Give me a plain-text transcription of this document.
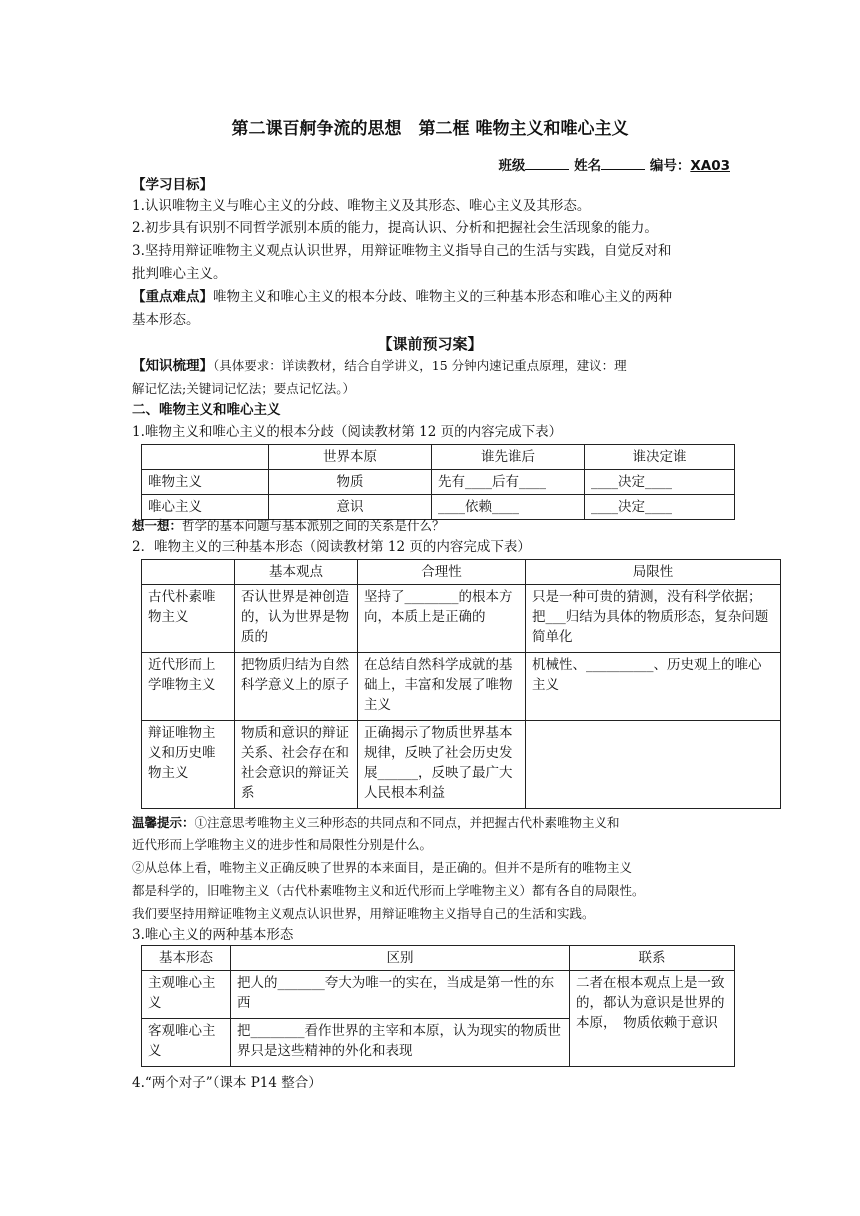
第二课百舸争流的思想　第二框 唯物主义和唯心主义
班级	姓名	编号：XA03
【学习目标】
1.认识唯物主义与唯心主义的分歧、唯物主义及其形态、唯心主义及其形态。
2.初步具有识别不同哲学派别本质的能力，提高认识、分析和把握社会生活现象的能力。
3.坚持用辩证唯物主义观点认识世界，用辩证唯物主义指导自己的生活与实践，自觉反对和
批判唯心主义。
【重点难点】唯物主义和唯心主义的根本分歧、唯物主义的三种基本形态和唯心主义的两种
基本形态。
【课前预习案】
【知识梳理】（具体要求：详读教材，结合自学讲义，15 分钟内速记重点原理，建议：理
解记忆法;关键词记忆法；要点记忆法。）
二、唯物主义和唯心主义
1.唯物主义和唯心主义的根本分歧（阅读教材第 12 页的内容完成下表）
	世界本原	谁先谁后	谁决定谁
唯物主义	物质	先有____后有____	____决定____
唯心主义	意识	____依赖____	____决定____
想一想：哲学的基本问题与基本派别之间的关系是什么？
2．唯物主义的三种基本形态（阅读教材第 12 页的内容完成下表）
	基本观点	合理性	局限性
古代朴素唯物主义	否认世界是神创造的，认为世界是物质的	坚持了________的根本方向，本质上是正确的	只是一种可贵的猜测，没有科学依据；把___归结为具体的物质形态，复杂问题简单化
近代形而上学唯物主义	把物质归结为自然科学意义上的原子	在总结自然科学成就的基础上，丰富和发展了唯物主义	机械性、__________、历史观上的唯心主义
辩证唯物主义和历史唯物主义	物质和意识的辩证关系、社会存在和社会意识的辩证关系	正确揭示了物质世界基本规律，反映了社会历史发展______，反映了最广大人民根本利益	
温馨提示：①注意思考唯物主义三种形态的共同点和不同点，并把握古代朴素唯物主义和
近代形而上学唯物主义的进步性和局限性分别是什么。
②从总体上看，唯物主义正确反映了世界的本来面目，是正确的。但并不是所有的唯物主义
都是科学的，旧唯物主义（古代朴素唯物主义和近代形而上学唯物主义）都有各自的局限性。
我们要坚持用辩证唯物主义观点认识世界，用辩证唯物主义指导自己的生活和实践。
3.唯心主义的两种基本形态
基本形态	区别	联系
主观唯心主义	把人的_______夸大为唯一的实在，当成是第一性的东西	二者在根本观点上是一致的，都认为意识是世界的本原，　物质依赖于意识
客观唯心主义	把________看作世界的主宰和本原，认为现实的物质世界只是这些精神的外化和表现	
4.“两个对子”（课本 P14 整合）
